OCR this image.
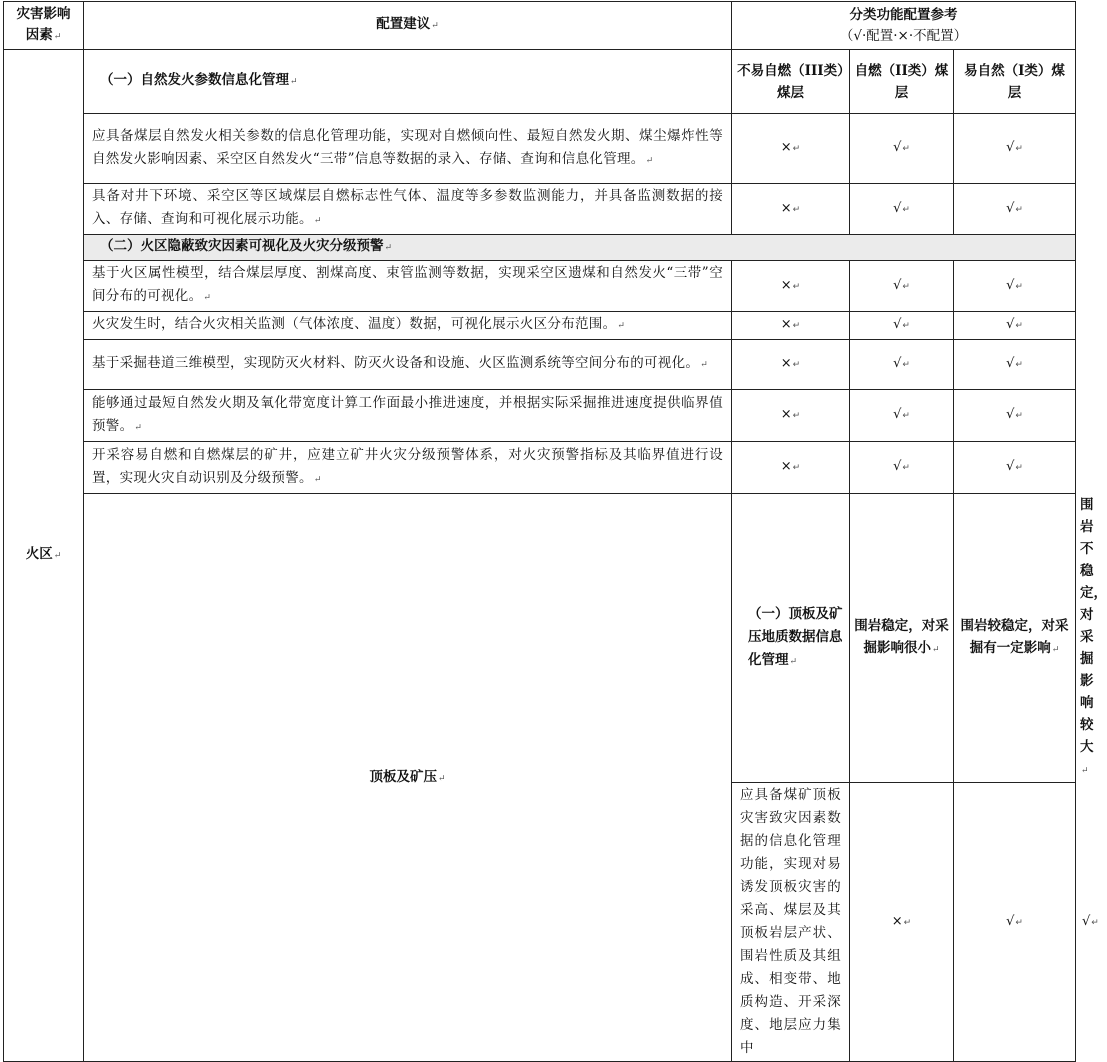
灾害影响因素↵	配置建议↵	分类功能配置参考
（√·配置·×·不配置）			

火区↵	（一）自然发火参数信息化管理↵	不易自燃（III类）煤层	自燃（II类）煤层	易自然（I类）煤层	
	应具备煤层自然发火相关参数的信息化管理功能，实现对自燃倾向性、最短自然发火期、煤尘爆炸性等自然发火影响因素、采空区自然发火“三带”信息等数据的录入、存储、查询和信息化管理。↵	×↵	√↵	√↵	
	具备对井下环境、采空区等区域煤层自燃标志性气体、温度等多参数监测能力，并具备监测数据的接入、存储、查询和可视化展示功能。↵	×↵	√↵	√↵	
	（二）火区隐蔽致灾因素可视化及火灾分级预警↵				
	基于火区属性模型，结合煤层厚度、割煤高度、束管监测等数据，实现采空区遗煤和自然发火“三带”空间分布的可视化。↵	×↵	√↵	√↵	
	火灾发生时，结合火灾相关监测（气体浓度、温度）数据，可视化展示火区分布范围。↵	×↵	√↵	√↵	
	基于采掘巷道三维模型，实现防灭火材料、防灭火设备和设施、火区监测系统等空间分布的可视化。↵	×↵	√↵	√↵	
	能够通过最短自然发火期及氧化带宽度计算工作面最小推进速度，并根据实际采掘推进速度提供临界值预警。↵	×↵	√↵	√↵	
	开采容易自燃和自燃煤层的矿井，应建立矿井火灾分级预警体系，对火灾预警指标及其临界值进行设置，实现火灾自动识别及分级预警。↵	×↵	√↵	√↵	
	顶板及矿压↵	（一）顶板及矿压地质数据信息化管理↵	围岩稳定，对采掘影响很小↵	围岩较稳定，对采掘有一定影响↵	围岩不稳定，对采掘影响较大↵
		应具备煤矿顶板灾害致灾因素数据的信息化管理功能，实现对易诱发顶板灾害的采高、煤层及其顶板岩层产状、围岩性质及其组成、相变带、地质构造、开采深度、地层应力集中	×↵	√↵	√↵
